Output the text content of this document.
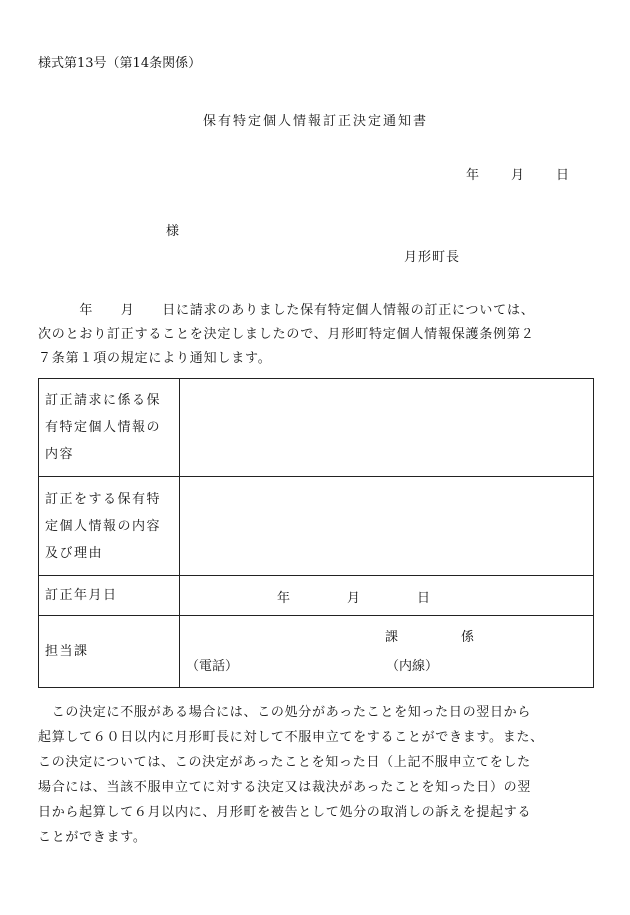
様式第13号（第14条関係）
保有特定個人情報訂正決定通知書
年 月 日
様
月形町長

　　　年　　月　　日に請求のありました保有特定個人情報の訂正については、

次のとおり訂正することを決定しましたので、月形町特定個人情報保護条例第２

７条第１項の規定により通知します。

訂正請求に係る保
有特定個人情報の
内容	

訂正をする保有特
定個人情報の内容
及び理由	

訂正年月日	年 月 日

担当課	課 係
（電話） （内線）

　この決定に不服がある場合には、この処分があったことを知った日の翌日から

起算して６０日以内に月形町長に対して不服申立てをすることができます。また、

この決定については、この決定があったことを知った日（上記不服申立てをした

場合には、当該不服申立てに対する決定又は裁決があったことを知った日）の翌

日から起算して６月以内に、月形町を被告として処分の取消しの訴えを提起する

ことができます。
